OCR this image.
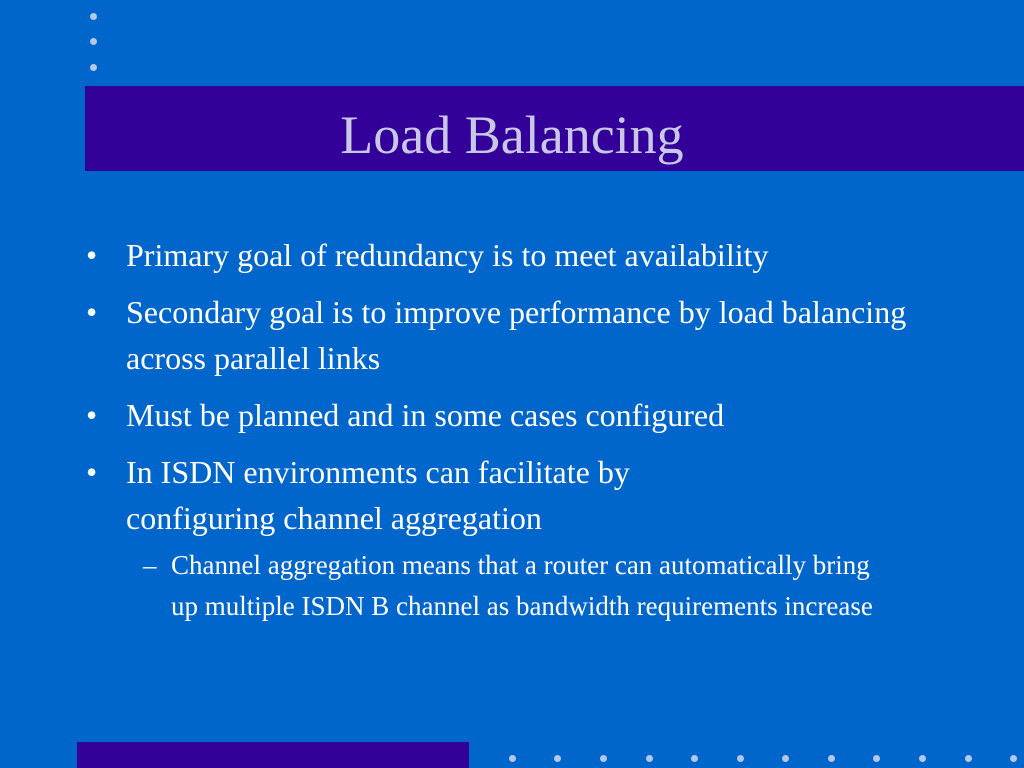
Load Balancing
• Primary goal of redundancy is to meet availability
• Secondary goal is to improve performance by load balancing across parallel links
• Must be planned and in some cases configured
• In ISDN environments can facilitate by configuring channel aggregation
– Channel aggregation means that a router can automatically bring up multiple ISDN B channel as bandwidth requirements increase
